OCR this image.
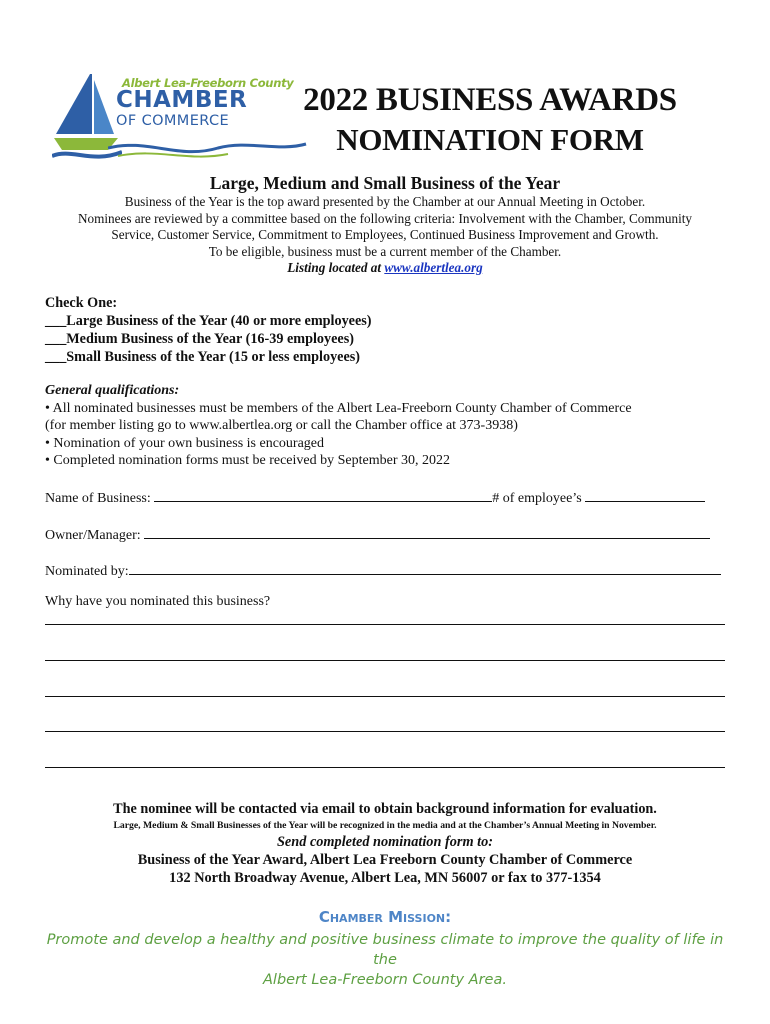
Albert Lea-Freeborn County
CHAMBER
OF COMMERCE
2022 BUSINESS AWARDS
NOMINATION FORM
Large, Medium and Small Business of the Year
Business of the Year is the top award presented by the Chamber at our Annual Meeting in October.
Nominees are reviewed by a committee based on the following criteria: Involvement with the Chamber, Community
Service, Customer Service, Commitment to Employees, Continued Business Improvement and Growth.
To be eligible, business must be a current member of the Chamber.
Listing located at www.albertlea.org
Check One:
___Large Business of the Year (40 or more employees)
___Medium Business of the Year (16-39 employees)
___Small Business of the Year (15 or less employees)
General qualifications:
• All nominated businesses must be members of the Albert Lea-Freeborn County Chamber of Commerce
(for member listing go to www.albertlea.org or call the Chamber office at 373-3938)
• Nomination of your own business is encouraged
• Completed nomination forms must be received by September 30, 2022
Name of Business:	# of employee’s
Owner/Manager:
Nominated by:
Why have you nominated this business?
The nominee will be contacted via email to obtain background information for evaluation.
Large, Medium & Small Businesses of the Year will be recognized in the media and at the Chamber’s Annual Meeting in November.
Send completed nomination form to:
Business of the Year Award, Albert Lea Freeborn County Chamber of Commerce
132 North Broadway Avenue, Albert Lea, MN 56007 or fax to 377-1354
Chamber Mission:
Promote and develop a healthy and positive business climate to improve the quality of life in the
Albert Lea-Freeborn County Area.
